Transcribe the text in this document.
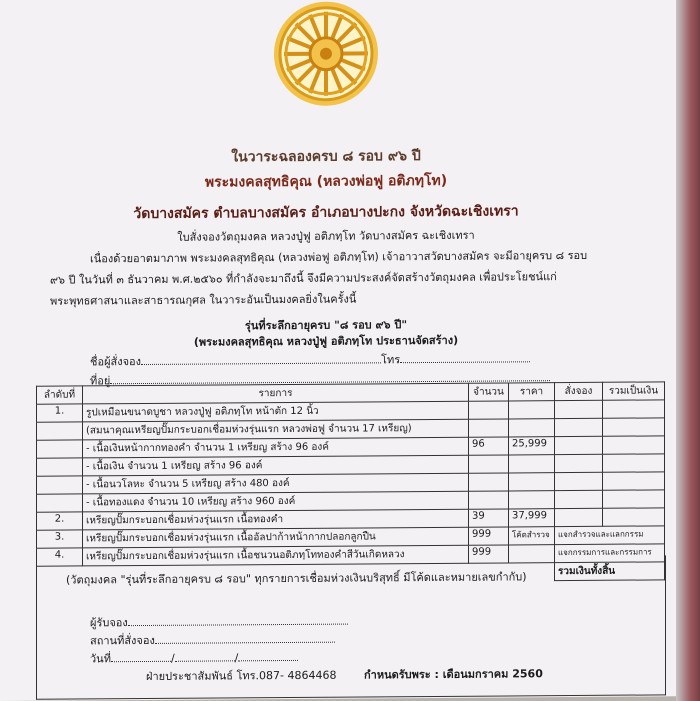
ในวาระฉลองครบ ๘ รอบ ๙๖ ปี
พระมงคลสุทธิคุณ (หลวงพ่อฟู อติภทฺโท)
วัดบางสมัคร ตำบลบางสมัคร อำเภอบางปะกง จังหวัดฉะเชิงเทรา
ใบสั่งจองวัตถุมงคล หลวงปู่ฟู อติภทฺโท วัดบางสมัคร ฉะเชิงเทรา
เนื่องด้วยอาตมาภาพ พระมงคลสุทธิคุณ (หลวงพ่อฟู อติภทฺโท) เจ้าอาวาสวัดบางสมัคร จะมีอายุครบ ๘ รอบ
๙๖ ปี ในวันที่ ๓ ธันวาคม พ.ศ.๒๕๖๐ ที่กำลังจะมาถึงนี้ จึงมีความประสงค์จัดสร้างวัตถุมงคล เพื่อประโยชน์แก่
พระพุทธศาสนาและสาธารณกุศล ในวาระอันเป็นมงคลยิ่งในครั้งนี้
รุ่นที่ระลึกอายุครบ "๘ รอบ ๙๖ ปี"
(พระมงคลสุทธิคุณ หลวงปู่ฟู อติภทฺโท ประธานจัดสร้าง)
ชื่อผู้สั่งจอง	โทร
ที่อยู่
ลำดับที่	รายการ	จำนวน	ราคา	สั่งจอง	รวมเป็นเงิน
1.	รูปเหมือนขนาดบูชา หลวงปู่ฟู อติภทฺโท หน้าตัก 12 นิ้ว				
	(สมนาคุณเหรียญปั๊มกระบอกเชื่อมห่วงรุ่นแรก หลวงพ่อฟู จำนวน 17 เหรียญ)				
	- เนื้อเงินหน้ากากทองคำ จำนวน 1 เหรียญ สร้าง 96 องค์	96	25,999		
	- เนื้อเงิน จำนวน 1 เหรียญ สร้าง 96 องค์				
	- เนื้อนวโลหะ จำนวน 5 เหรียญ สร้าง 480 องค์				
	- เนื้อทองแดง จำนวน 10 เหรียญ สร้าง 960 องค์				
2.	เหรียญปั๊มกระบอกเชื่อมห่วงรุ่นแรก เนื้อทองคำ	39	37,999		
3.	เหรียญปั๊มกระบอกเชื่อมห่วงรุ่นแรก เนื้ออัลปาก้าหน้ากากปลอกลูกปืน	999	โค้ดสำรวจ	แจกสำรวจและแลกกรรม	
4.	เหรียญปั๊มกระบอกเชื่อมห่วงรุ่นแรก เนื้อชนวนอติภทฺโททองคำสีวันเกิดหลวง	999		แจกกรรมการและกรรมการ	
				รวมเงินทั้งสิ้น	
(วัตถุมงคล "รุ่นที่ระลึกอายุครบ ๘ รอบ" ทุกรายการเชื่อมห่วงเงินบริสุทธิ์ มีโค้ดและหมายเลขกำกับ)
ผู้รับจอง
สถานที่สั่งจอง
วันที่	/	/
ฝ่ายประชาสัมพันธ์ โทร.087- 4864468	กำหนดรับพระ : เดือนมกราคม 2560
